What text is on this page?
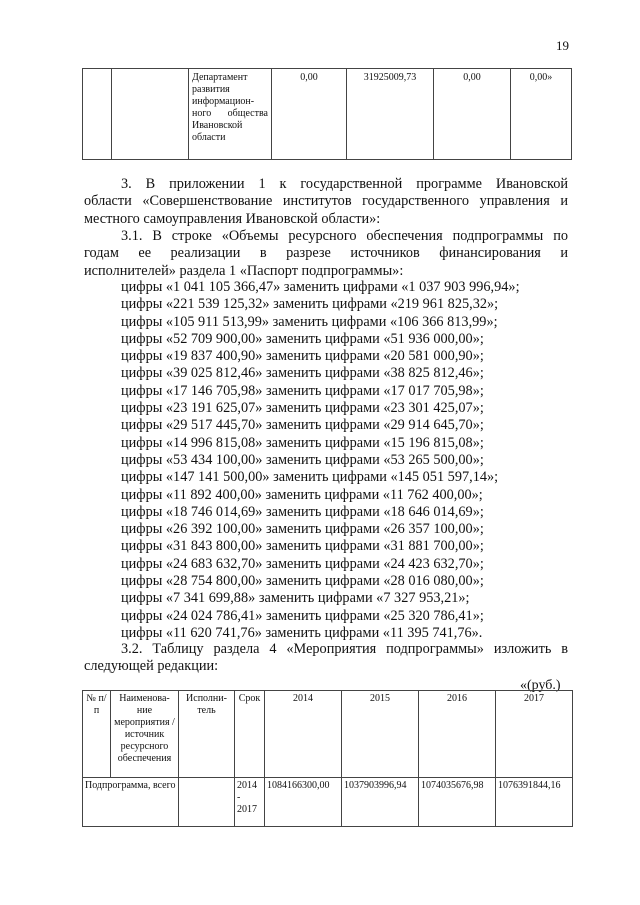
19
		Департамент развития информацион-ного общества Ивановской области	0,00	31925009,73	0,00	0,00»
3. В приложении 1 к государственной программе Ивановской
области «Совершенствование институтов государственного управления и
местного самоуправления Ивановской области»:
3.1. В строке «Объемы ресурсного обеспечения подпрограммы по
годам ее реализации в разрезе источников финансирования и
исполнителей» раздела 1 «Паспорт подпрограммы»:
цифры «1 041 105 366,47» заменить цифрами «1 037 903 996,94»;
цифры «221 539 125,32» заменить цифрами «219 961 825,32»;
цифры «105 911 513,99» заменить цифрами «106 366 813,99»;
цифры «52 709 900,00» заменить цифрами «51 936 000,00»;
цифры «19 837 400,90» заменить цифрами «20 581 000,90»;
цифры «39 025 812,46» заменить цифрами «38 825 812,46»;
цифры «17 146 705,98» заменить цифрами «17 017 705,98»;
цифры «23 191 625,07» заменить цифрами «23 301 425,07»;
цифры «29 517 445,70» заменить цифрами «29 914 645,70»;
цифры «14 996 815,08» заменить цифрами «15 196 815,08»;
цифры «53 434 100,00» заменить цифрами «53 265 500,00»;
цифры «147 141 500,00» заменить цифрами «145 051 597,14»;
цифры «11 892 400,00» заменить цифрами «11 762 400,00»;
цифры «18 746 014,69» заменить цифрами «18 646 014,69»;
цифры «26 392 100,00» заменить цифрами «26 357 100,00»;
цифры «31 843 800,00» заменить цифрами «31 881 700,00»;
цифры «24 683 632,70» заменить цифрами «24 423 632,70»;
цифры «28 754 800,00» заменить цифрами «28 016 080,00»;
цифры «7 341 699,88» заменить цифрами «7 327 953,21»;
цифры «24 024 786,41» заменить цифрами «25 320 786,41»;
цифры «11 620 741,76» заменить цифрами «11 395 741,76».
3.2. Таблицу раздела 4 «Мероприятия подпрограммы» изложить в
следующей редакции:
«(руб.)
№ п/п	Наименова-ние мероприятия /источник ресурсного обеспечения	Исполни-тель	Срок	2014	2015	2016	2017
Подпрограмма, всего			2014 - 2017	1084166300,00	1037903996,94	1074035676,98	1076391844,16
